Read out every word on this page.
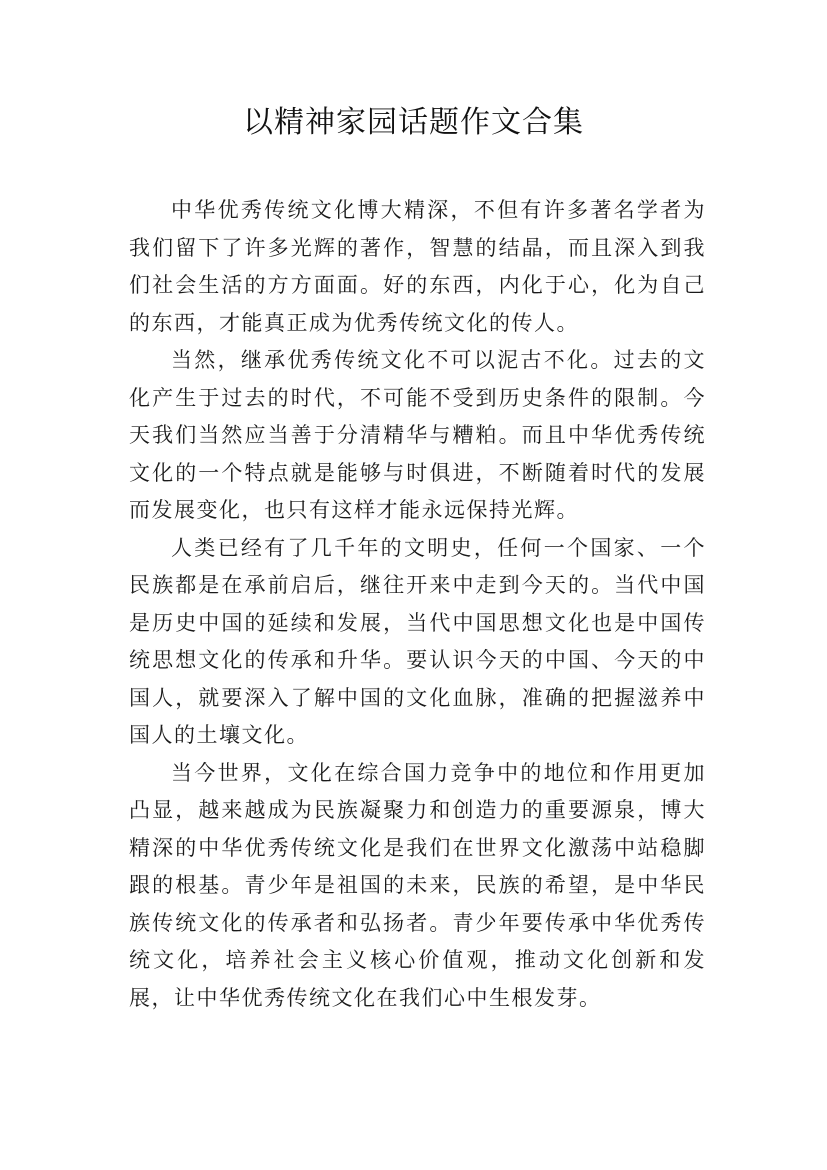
以精神家园话题作文合集

中华优秀传统文化博大精深，不但有许多著名学者为我们留下了许多光辉的著作，智慧的结晶，而且深入到我们社会生活的方方面面。好的东西，内化于心，化为自己的东西，才能真正成为优秀传统文化的传人。

当然，继承优秀传统文化不可以泥古不化。过去的文化产生于过去的时代，不可能不受到历史条件的限制。今天我们当然应当善于分清精华与糟粕。而且中华优秀传统文化的一个特点就是能够与时俱进，不断随着时代的发展而发展变化，也只有这样才能永远保持光辉。

人类已经有了几千年的文明史，任何一个国家、一个民族都是在承前启后，继往开来中走到今天的。当代中国是历史中国的延续和发展，当代中国思想文化也是中国传统思想文化的传承和升华。要认识今天的中国、今天的中国人，就要深入了解中国的文化血脉，准确的把握滋养中国人的土壤文化。

当今世界，文化在综合国力竞争中的地位和作用更加凸显，越来越成为民族凝聚力和创造力的重要源泉，博大精深的中华优秀传统文化是我们在世界文化激荡中站稳脚跟的根基。青少年是祖国的未来，民族的希望，是中华民族传统文化的传承者和弘扬者。青少年要传承中华优秀传统文化，培养社会主义核心价值观，推动文化创新和发展，让中华优秀传统文化在我们心中生根发芽。
